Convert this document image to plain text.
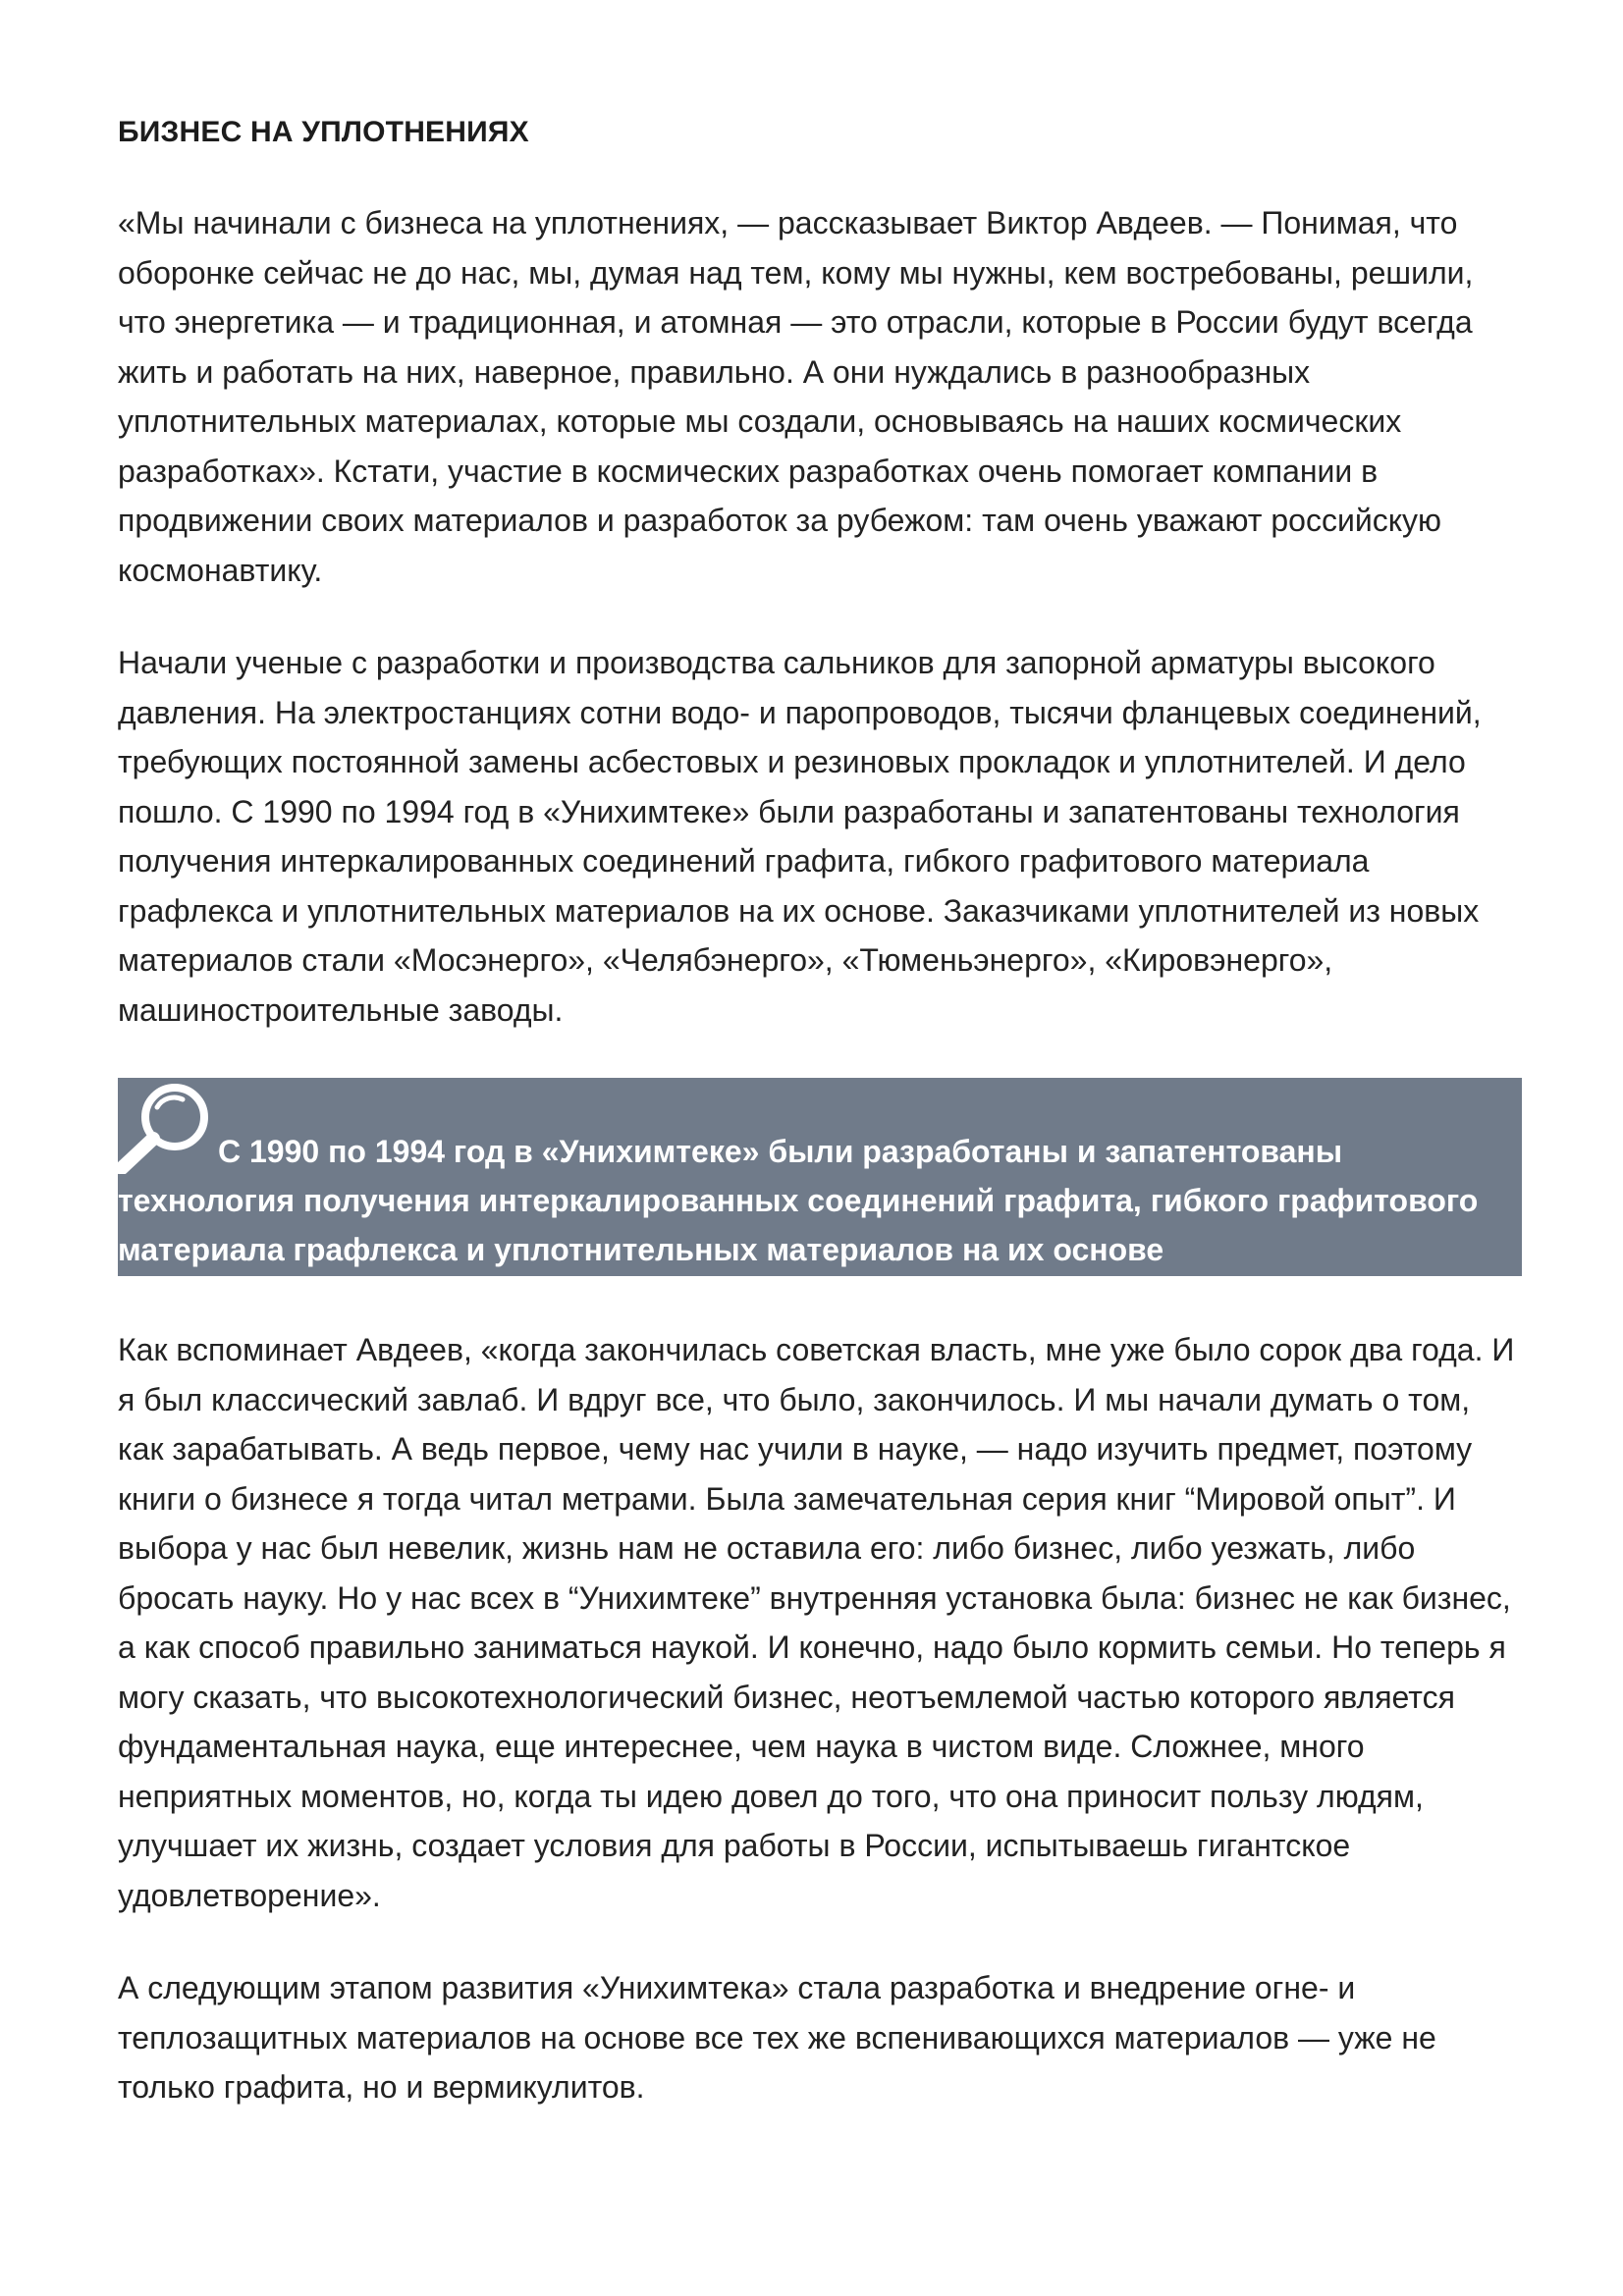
БИЗНЕС НА УПЛОТНЕНИЯХ

«Мы начинали с бизнеса на уплотнениях, — рассказывает Виктор Авдеев. — Понимая, что оборонке сейчас не до нас, мы, думая над тем, кому мы нужны, кем востребованы, решили, что энергетика — и традиционная, и атомная — это отрасли, которые в России будут всегда жить и работать на них, наверное, правильно. А они нуждались в разнообразных уплотнительных материалах, которые мы создали, основываясь на наших космических разработках». Кстати, участие в космических разработках очень помогает компании в продвижении своих материалов и разработок за рубежом: там очень уважают российскую космонавтику.

Начали ученые с разработки и производства сальников для запорной арматуры высокого давления. На электростанциях сотни водо- и паропроводов, тысячи фланцевых соединений, требующих постоянной замены асбестовых и резиновых прокладок и уплотнителей. И дело пошло. С 1990 по 1994 год в «Унихимтеке» были разработаны и запатентованы технология получения интеркалированных соединений графита, гибкого графитового материала графлекса и уплотнительных материалов на их основе. Заказчиками уплотнителей из новых материалов стали «Мосэнерго», «Челябэнерго», «Тюменьэнерго», «Кировэнерго», машиностроительные заводы.

С 1990 по 1994 год в «Унихимтеке» были разработаны и запатентованы технология получения интеркалированных соединений графита, гибкого графитового материала графлекса и уплотнительных материалов на их основе

Как вспоминает Авдеев, «когда закончилась советская власть, мне уже было сорок два года. И я был классический завлаб. И вдруг все, что было, закончилось. И мы начали думать о том, как зарабатывать. А ведь первое, чему нас учили в науке, — надо изучить предмет, поэтому книги о бизнесе я тогда читал метрами. Была замечательная серия книг “Мировой опыт”. И выбора у нас был невелик, жизнь нам не оставила его: либо бизнес, либо уезжать, либо бросать науку. Но у нас всех в “Унихимтеке” внутренняя установка была: бизнес не как бизнес, а как способ правильно заниматься наукой. И конечно, надо было кормить семьи. Но теперь я могу сказать, что высокотехнологический бизнес, неотъемлемой частью которого является фундаментальная наука, еще интереснее, чем наука в чистом виде. Сложнее, много неприятных моментов, но, когда ты идею довел до того, что она приносит пользу людям, улучшает их жизнь, создает условия для работы в России, испытываешь гигантское удовлетворение».

А следующим этапом развития «Унихимтека» стала разработка и внедрение огне- и теплозащитных материалов на основе все тех же вспенивающихся материалов — уже не только графита, но и вермикулитов.
